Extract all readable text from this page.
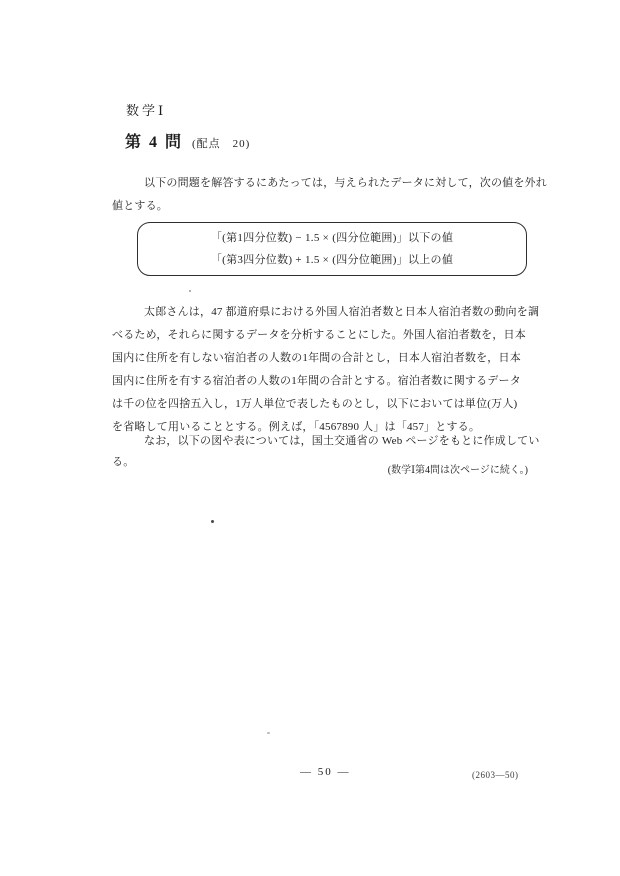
数学Ⅰ
第 4 問 (配点　20)
以下の問題を解答するにあたっては，与えられたデータに対して，次の値を外れ
値とする。
「(第1四分位数) − 1.5 × (四分位範囲)」以下の値
「(第3四分位数) + 1.5 × (四分位範囲)」以上の値
太郎さんは，47 都道府県における外国人宿泊者数と日本人宿泊者数の動向を調
べるため，それらに関するデータを分析することにした。外国人宿泊者数を，日本
国内に住所を有しない宿泊者の人数の1年間の合計とし，日本人宿泊者数を，日本
国内に住所を有する宿泊者の人数の1年間の合計とする。宿泊者数に関するデータ
は千の位を四捨五入し，1万人単位で表したものとし，以下においては単位(万人)
を省略して用いることとする。例えば，「4567890 人」は「457」とする。
なお，以下の図や表については，国土交通省の Web ページをもとに作成してい
る。
(数学Ⅰ第4問は次ページに続く。)
— 50 —	(2603—50)
